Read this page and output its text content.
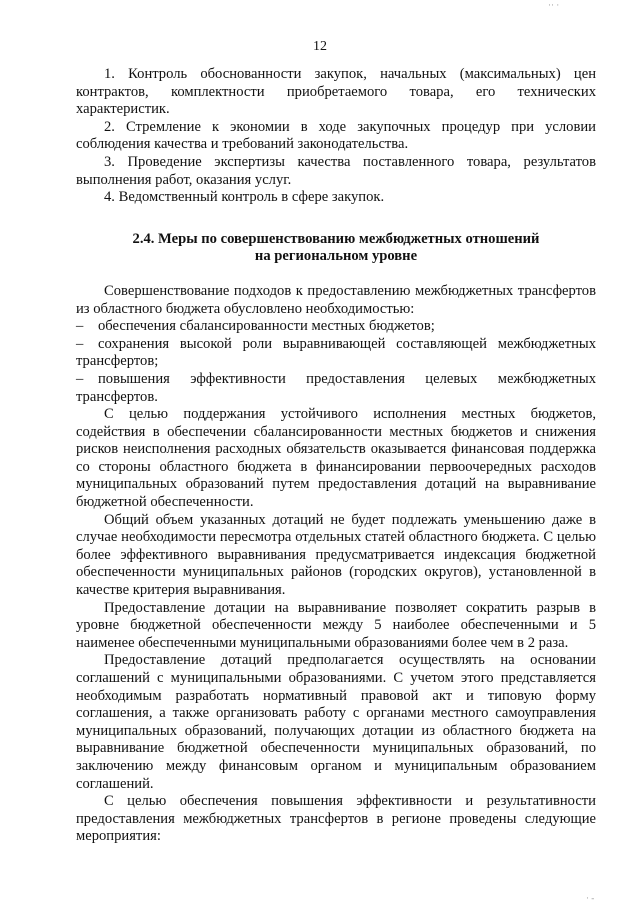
·· ·
12

1. Контроль обоснованности закупок, начальных (максимальных) цен контрактов, комплектности приобретаемого товара, его технических характеристик.

2. Стремление к экономии в ходе закупочных процедур при условии соблюдения качества и требований законодательства.

3. Проведение экспертизы качества поставленного товара, результатов выполнения работ, оказания услуг.

4. Ведомственный контроль в сфере закупок.

2.4. Меры по совершенствованию межбюджетных отношений
на региональном уровне

Совершенствование подходов к предоставлению межбюджетных трансфертов из областного бюджета обусловлено необходимостью:

– обеспечения сбалансированности местных бюджетов;

– сохранения высокой роли выравнивающей составляющей межбюджетных трансфертов;

– повышения эффективности предоставления целевых межбюджетных трансфертов.

С целью поддержания устойчивого исполнения местных бюджетов, содействия в обеспечении сбалансированности местных бюджетов и снижения рисков неисполнения расходных обязательств оказывается финансовая поддержка со стороны областного бюджета в финансировании первоочередных расходов муниципальных образований путем предоставления дотаций на выравнивание бюджетной обеспеченности.

Общий объем указанных дотаций не будет подлежать уменьшению даже в случае необходимости пересмотра отдельных статей областного бюджета. С целью более эффективного выравнивания предусматривается индексация бюджетной обеспеченности муниципальных районов (городских округов), установленной в качестве критерия выравнивания.

Предоставление дотации на выравнивание позволяет сократить разрыв в уровне бюджетной обеспеченности между 5 наиболее обеспеченными и 5 наименее обеспеченными муниципальными образованиями более чем в 2 раза.

Предоставление дотаций предполагается осуществлять на основании соглашений с муниципальными образованиями. С учетом этого представляется необходимым разработать нормативный правовой акт и типовую форму соглашения, а также организовать работу с органами местного самоуправления муниципальных образований, получающих дотации из областного бюджета на выравнивание бюджетной обеспеченности муниципальных образований, по заключению между финансовым органом и муниципальным образованием соглашений.

С целью обеспечения повышения эффективности и результативности предоставления межбюджетных трансфертов в регионе проведены следующие мероприятия:

· -
